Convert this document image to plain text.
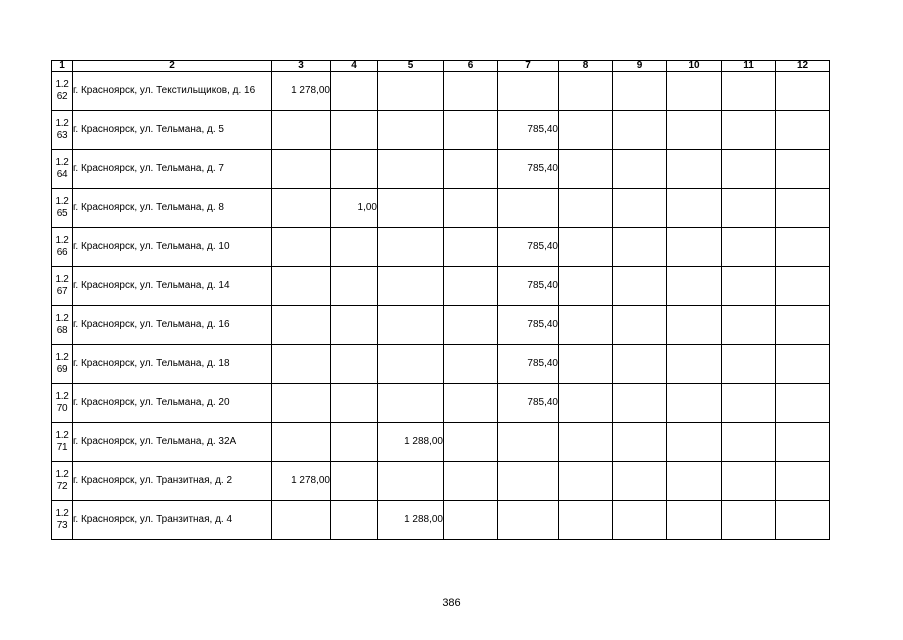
1	2	3	4	5	6	7	8	9	10	11	12

1.2
62	г. Красноярск, ул. Текстильщиков, д. 16	1 278,00									

1.2
63	г. Красноярск, ул. Тельмана, д. 5					785,40					

1.2
64	г. Красноярск, ул. Тельмана, д. 7					785,40					

1.2
65	г. Красноярск, ул. Тельмана, д. 8		1,00								

1.2
66	г. Красноярск, ул. Тельмана, д. 10					785,40					

1.2
67	г. Красноярск, ул. Тельмана, д. 14					785,40					

1.2
68	г. Красноярск, ул. Тельмана, д. 16					785,40					

1.2
69	г. Красноярск, ул. Тельмана, д. 18					785,40					

1.2
70	г. Красноярск, ул. Тельмана, д. 20					785,40					

1.2
71	г. Красноярск, ул. Тельмана, д. 32А			1 288,00							

1.2
72	г. Красноярск, ул. Транзитная, д. 2	1 278,00									

1.2
73	г. Красноярск, ул. Транзитная, д. 4			1 288,00							
386
